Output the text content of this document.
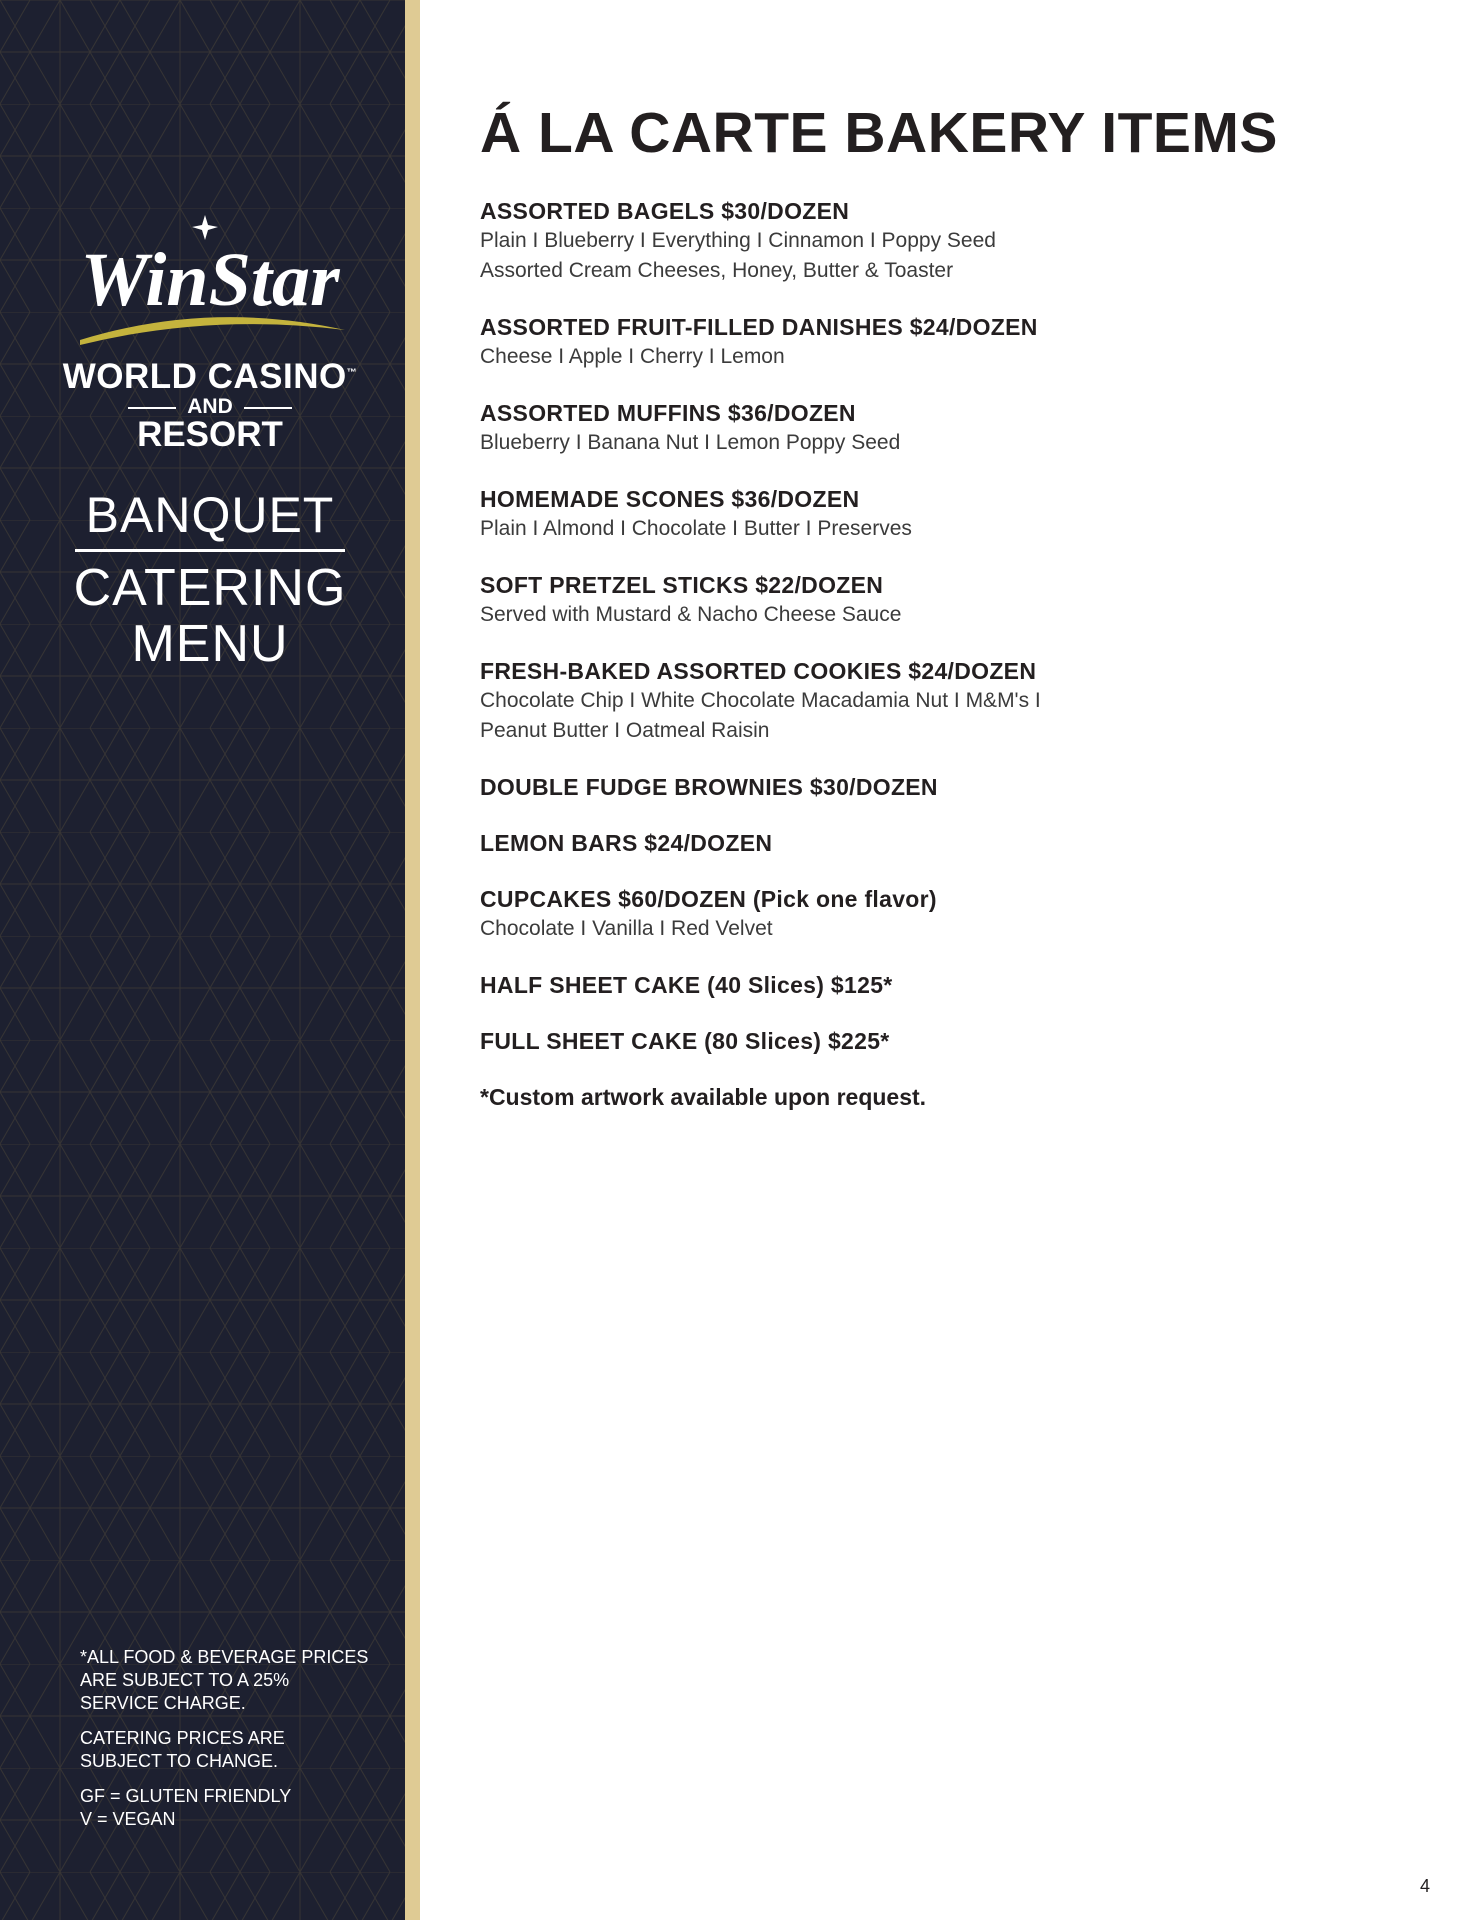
WinStar
WORLD CASINO™
AND
RESORT
BANQUET
CATERING
MENU

*ALL FOOD & BEVERAGE PRICES ARE SUBJECT TO A 25% SERVICE CHARGE.

CATERING PRICES ARE SUBJECT TO CHANGE.

GF = GLUTEN FRIENDLY

V = VEGAN

Á LA CARTE BAKERY ITEMS
ASSORTED BAGELS $30/DOZEN
Plain I Blueberry I Everything I Cinnamon I Poppy Seed
Assorted Cream Cheeses, Honey, Butter & Toaster
ASSORTED FRUIT-FILLED DANISHES $24/DOZEN
Cheese I Apple I Cherry I Lemon
ASSORTED MUFFINS $36/DOZEN
Blueberry I Banana Nut I Lemon Poppy Seed
HOMEMADE SCONES $36/DOZEN
Plain I Almond I Chocolate I Butter I Preserves
SOFT PRETZEL STICKS $22/DOZEN
Served with Mustard & Nacho Cheese Sauce
FRESH-BAKED ASSORTED COOKIES $24/DOZEN
Chocolate Chip I White Chocolate Macadamia Nut I M&M's I
Peanut Butter I Oatmeal Raisin
DOUBLE FUDGE BROWNIES $30/DOZEN
LEMON BARS $24/DOZEN
CUPCAKES $60/DOZEN (Pick one flavor)
Chocolate I Vanilla I Red Velvet
HALF SHEET CAKE (40 Slices) $125*
FULL SHEET CAKE (80 Slices) $225*
*Custom artwork available upon request.
4
